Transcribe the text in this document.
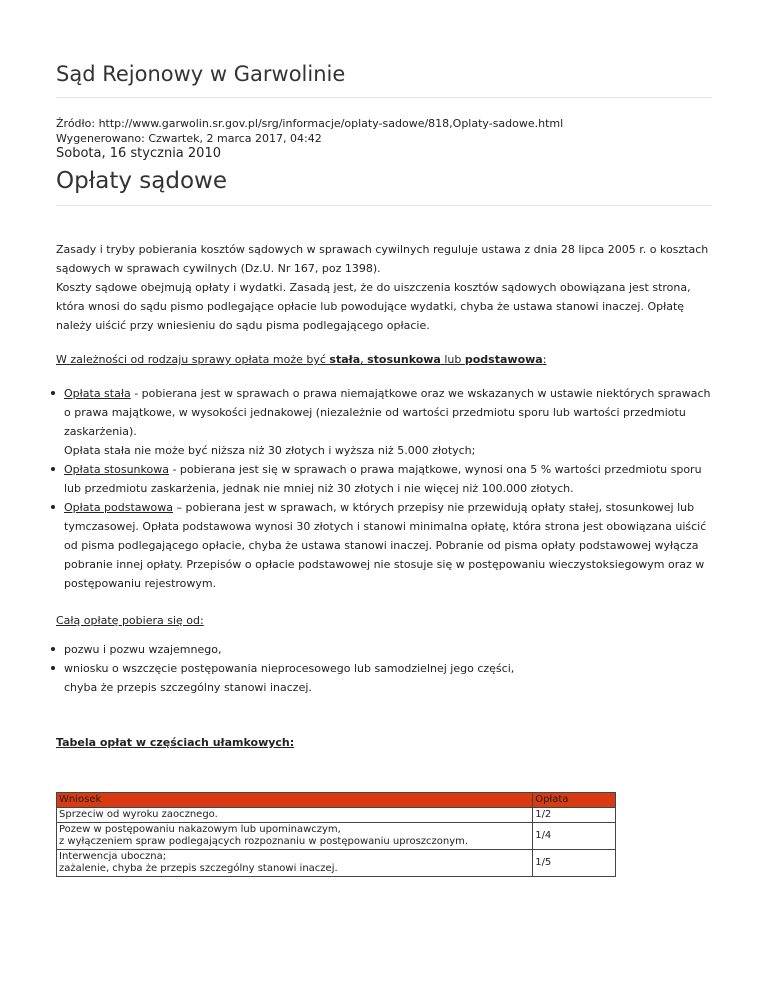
Sąd Rejonowy w Garwolinie
Źródło: http://www.garwolin.sr.gov.pl/srg/informacje/oplaty-sadowe/818,Oplaty-sadowe.html
Wygenerowano: Czwartek, 2 marca 2017, 04:42
Sobota, 16 stycznia 2010
Opłaty sądowe

Zasady i tryby pobierania kosztów sądowych w sprawach cywilnych reguluje ustawa z dnia 28 lipca 2005 r. o kosztach sądowych w sprawach cywilnych (Dz.U. Nr 167, poz 1398).
Koszty sądowe obejmują opłaty i wydatki. Zasadą jest, że do uiszczenia kosztów sądowych obowiązana jest strona, która wnosi do sądu pismo podlegające opłacie lub powodujące wydatki, chyba że ustawa stanowi inaczej. Opłatę należy uiścić przy wniesieniu do sądu pisma podlegającego opłacie.

W zależności od rodzaju sprawy opłata może być stała, stosunkowa lub podstawowa:
Opłata stała - pobierana jest w sprawach o prawa niemajątkowe oraz we wskazanych w ustawie niektórych sprawach o prawa majątkowe, w wysokości jednakowej (niezależnie od wartości przedmiotu sporu lub wartości przedmiotu zaskarżenia).
Opłata stała nie może być niższa niż 30 złotych i wyższa niż 5.000 złotych;
Opłata stosunkowa - pobierana jest się w sprawach o prawa majątkowe, wynosi ona 5 % wartości przedmiotu sporu lub przedmiotu zaskarżenia, jednak nie mniej niż 30 złotych i nie więcej niż 100.000 złotych.
Opłata podstawowa – pobierana jest w sprawach, w których przepisy nie przewidują opłaty stałej, stosunkowej lub tymczasowej. Opłata podstawowa wynosi 30 złotych i stanowi minimalna opłatę, która strona jest obowiązana uiścić od pisma podlegającego opłacie, chyba że ustawa stanowi inaczej. Pobranie od pisma opłaty podstawowej wyłącza pobranie innej opłaty. Przepisów o opłacie podstawowej nie stosuje się w postępowaniu wieczystoksiegowym oraz w postępowaniu rejestrowym.
Całą opłatę pobiera się od:
pozwu i pozwu wzajemnego,
wniosku o wszczęcie postępowania nieprocesowego lub samodzielnej jego części,
chyba że przepis szczególny stanowi inaczej.
Tabela opłat w częściach ułamkowych:
Wniosek	Opłata
Sprzeciw od wyroku zaocznego.	1/2
Pozew w postępowaniu nakazowym lub upominawczym,
z wyłączeniem spraw podlegających rozpoznaniu w postępowaniu uproszczonym.	1/4
Interwencja uboczna;
zażalenie, chyba że przepis szczególny stanowi inaczej.	1/5
